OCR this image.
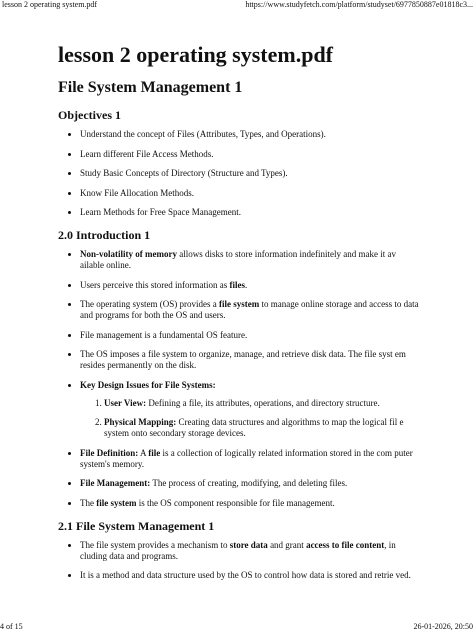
lesson 2 operating system.pdf	https://www.studyfetch.com/platform/studyset/6977850887e01818c3...
lesson 2 operating system.pdf
File System Management 1
Objectives 1
• Understand the concept of Files (Attributes, Types, and Operations).
• Learn different File Access Methods.
• Study Basic Concepts of Directory (Structure and Types).
• Know File Allocation Methods.
• Learn Methods for Free Space Management.
2.0 Introduction 1
• Non-volatility of memory allows disks to store information indefinitely and make it av ailable online.
• Users perceive this stored information as files.
• The operating system (OS) provides a file system to manage online storage and access to data and programs for both the OS and users.
• File management is a fundamental OS feature.
• The OS imposes a file system to organize, manage, and retrieve disk data. The file syst em resides permanently on the disk.
• Key Design Issues for File Systems:
1. User View: Defining a file, its attributes, operations, and directory structure.
2. Physical Mapping: Creating data structures and algorithms to map the logical fil e system onto secondary storage devices.
• File Definition: A file is a collection of logically related information stored in the com puter system's memory.
• File Management: The process of creating, modifying, and deleting files.
• The file system is the OS component responsible for file management.
2.1 File System Management 1
• The file system provides a mechanism to store data and grant access to file content, in cluding data and programs.
• It is a method and data structure used by the OS to control how data is stored and retrie ved.
4 of 15	26-01-2026, 20:50
